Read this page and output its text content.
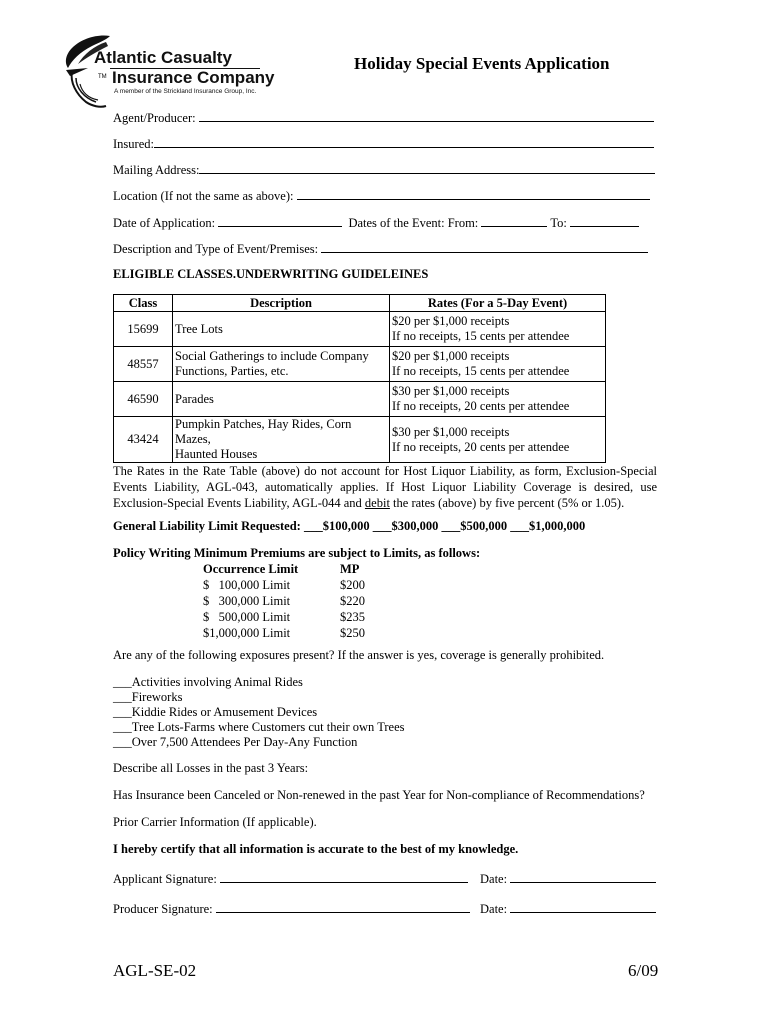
Atlantic Casualty
Insurance Company
TM
A member of the Strickland Insurance Group, Inc.
Holiday Special Events Application
Agent/Producer:
Insured:
Mailing Address:
Location (If not the same as above):
Date of Application:	Dates of the Event: From:	To:
Description and Type of Event/Premises:
ELIGIBLE CLASSES.UNDERWRITING GUIDELEINES
Class	Description	Rates (For a 5-Day Event)
15699	Tree Lots	$20 per $1,000 receipts
If no receipts, 15 cents per attendee
48557	Social Gatherings to include Company
Functions, Parties, etc.	$20 per $1,000 receipts
If no receipts, 15 cents per attendee
46590	Parades	$30 per $1,000 receipts
If no receipts, 20 cents per attendee
43424	Pumpkin Patches, Hay Rides, Corn Mazes,
Haunted Houses	$30 per $1,000 receipts
If no receipts, 20 cents per attendee
The Rates in the Rate Table (above) do not account for Host Liquor Liability, as form, Exclusion-Special Events Liability, AGL-043, automatically applies. If Host Liquor Liability Coverage is desired, use Exclusion-Special Events Liability, AGL-044 and debit the rates (above) by five percent (5% or 1.05).
General Liability Limit Requested: ___$100,000 ___$300,000 ___$500,000 ___$1,000,000
Policy Writing Minimum Premiums are subject to Limits, as follows:
Occurrence Limit	MP
$   100,000 Limit	$200
$   300,000 Limit	$220
$   500,000 Limit	$235
$1,000,000 Limit	$250
Are any of the following exposures present? If the answer is yes, coverage is generally prohibited.
___Activities involving Animal Rides
___Fireworks
___Kiddie Rides or Amusement Devices
___Tree Lots-Farms where Customers cut their own Trees
___Over 7,500 Attendees Per Day-Any Function
Describe all Losses in the past 3 Years:
Has Insurance been Canceled or Non-renewed in the past Year for Non-compliance of Recommendations?
Prior Carrier Information (If applicable).
I hereby certify that all information is accurate to the best of my knowledge.
Applicant Signature:	Date:
Producer Signature:	Date:
AGL-SE-02	6/09
